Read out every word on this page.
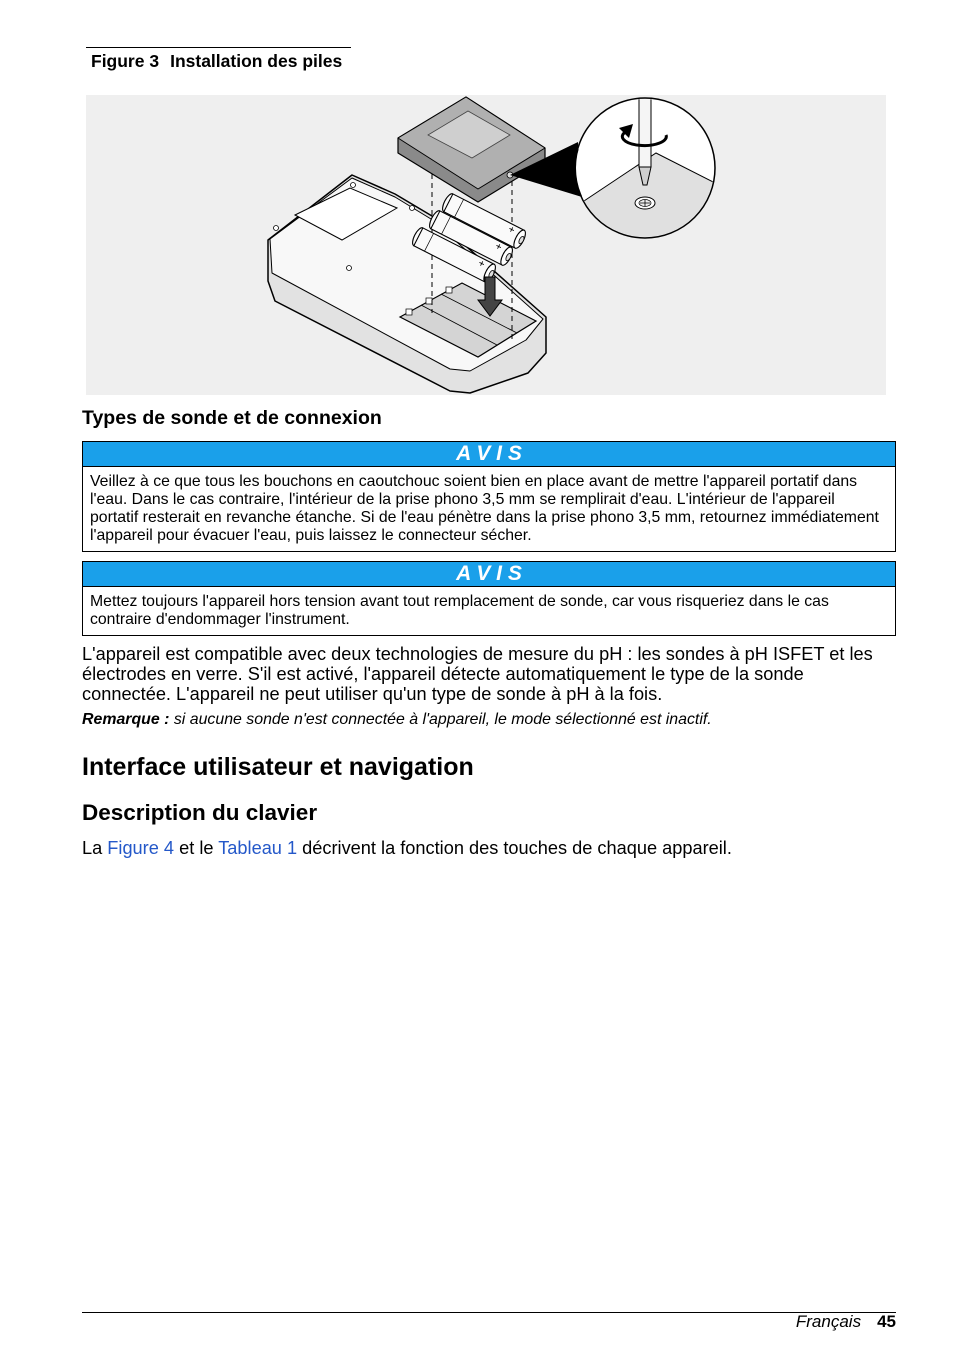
Figure 3 Installation des piles
Types de sonde et de connexion
A V I S
Veillez à ce que tous les bouchons en caoutchouc soient bien en place avant de mettre l'appareil portatif dans
l'eau. Dans le cas contraire, l'intérieur de la prise phono 3,5 mm se remplirait d'eau. L'intérieur de l'appareil
portatif resterait en revanche étanche. Si de l'eau pénètre dans la prise phono 3,5 mm, retournez immédiatement
l'appareil pour évacuer l'eau, puis laissez le connecteur sécher.
A V I S
Mettez toujours l'appareil hors tension avant tout remplacement de sonde, car vous risqueriez dans le cas
contraire d'endommager l'instrument.
L'appareil est compatible avec deux technologies de mesure du pH : les sondes à pH ISFET et les
électrodes en verre. S'il est activé, l'appareil détecte automatiquement le type de la sonde
connectée. L'appareil ne peut utiliser qu'un type de sonde à pH à la fois.
Remarque : si aucune sonde n'est connectée à l'appareil, le mode sélectionné est inactif.
Interface utilisateur et navigation
Description du clavier
La Figure 4 et le Tableau 1 décrivent la fonction des touches de chaque appareil.
Français 45
